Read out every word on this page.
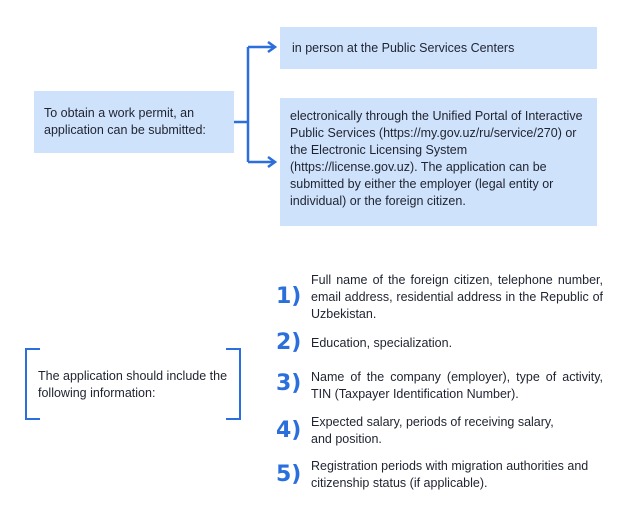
To obtain a work permit, an application can be submitted:
in person at the Public Services Centers
electronically through the Unified Portal of Interactive Public Services (https://my.gov.uz/ru/service/270) or the Electronic Licensing System (https://license.gov.uz). The application can be submitted by either the employer (legal entity or individual) or the foreign citizen.
The application should include the following information:
1)
Full name of the foreign citizen, telephone number, email address, residential address in the Republic of Uzbekistan.
2) Education, specialization.
3) Name of the company (employer), type of activity, TIN (Taxpayer Identification Number).
4) Expected salary, periods of receiving salary, and position.
5) Registration periods with migration authorities and citizenship status (if applicable).
